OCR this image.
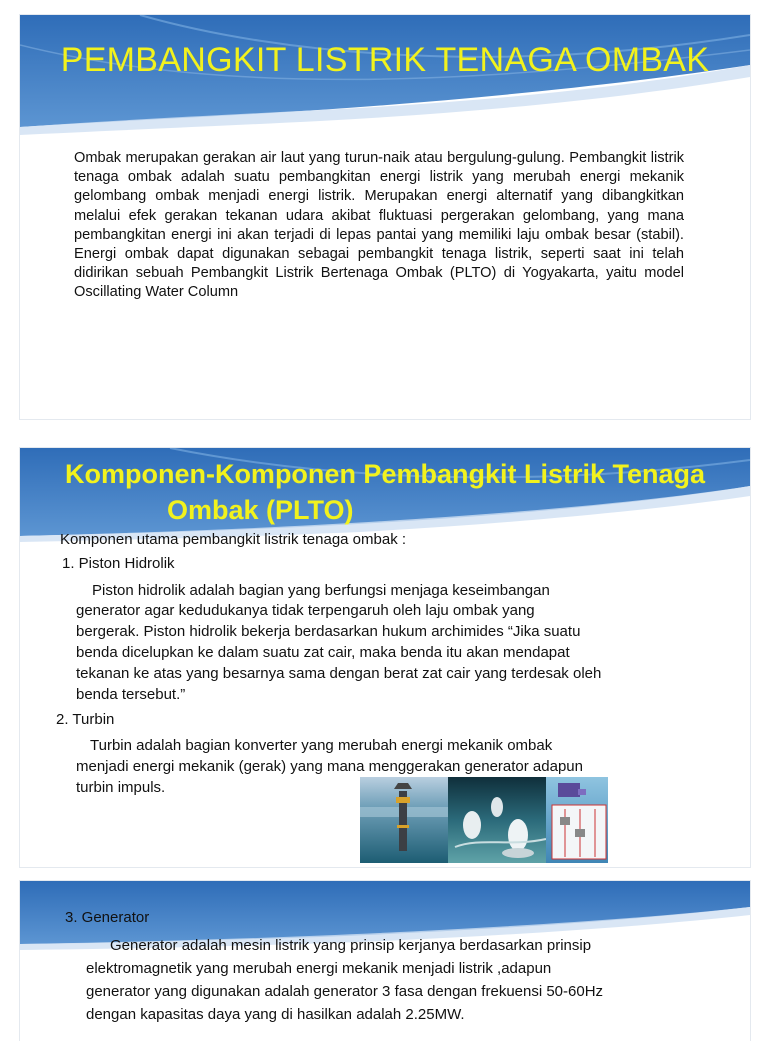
PEMBANGKIT LISTRIK TENAGA OMBAK
Ombak merupakan gerakan air laut yang turun-naik atau bergulung-gulung. Pembangkit listrik tenaga ombak adalah suatu pembangkitan energi listrik yang merubah energi mekanik gelombang ombak menjadi energi listrik. Merupakan energi alternatif yang dibangkitkan melalui efek gerakan tekanan udara akibat fluktuasi pergerakan gelombang, yang mana pembangkitan energi ini akan terjadi di lepas pantai yang memiliki laju ombak besar (stabil). Energi ombak dapat digunakan sebagai pembangkit tenaga listrik, seperti saat ini telah didirikan sebuah Pembangkit Listrik Bertenaga Ombak (PLTO) di Yogyakarta, yaitu model Oscillating Water Column
Komponen-Komponen Pembangkit Listrik Tenaga
Ombak (PLTO)
Komponen utama pembangkit listrik tenaga ombak :
1. Piston Hidrolik
Piston hidrolik adalah bagian yang berfungsi menjaga keseimbangan
generator agar kedudukanya tidak terpengaruh oleh laju ombak yang
bergerak. Piston hidrolik bekerja berdasarkan hukum archimides “Jika suatu
benda dicelupkan ke dalam suatu zat cair, maka benda itu akan mendapat
tekanan ke atas yang besarnya sama dengan berat zat cair yang terdesak oleh
benda tersebut.”
2. Turbin
Turbin adalah bagian konverter yang merubah energi mekanik ombak
menjadi energi mekanik (gerak) yang mana menggerakan generator adapun
turbin impuls.
3. Generator
Generator adalah mesin listrik yang prinsip kerjanya berdasarkan prinsip
elektromagnetik yang merubah energi mekanik menjadi listrik ,adapun
generator yang digunakan adalah generator 3 fasa dengan frekuensi 50-60Hz
dengan kapasitas daya yang di hasilkan adalah 2.25MW.
